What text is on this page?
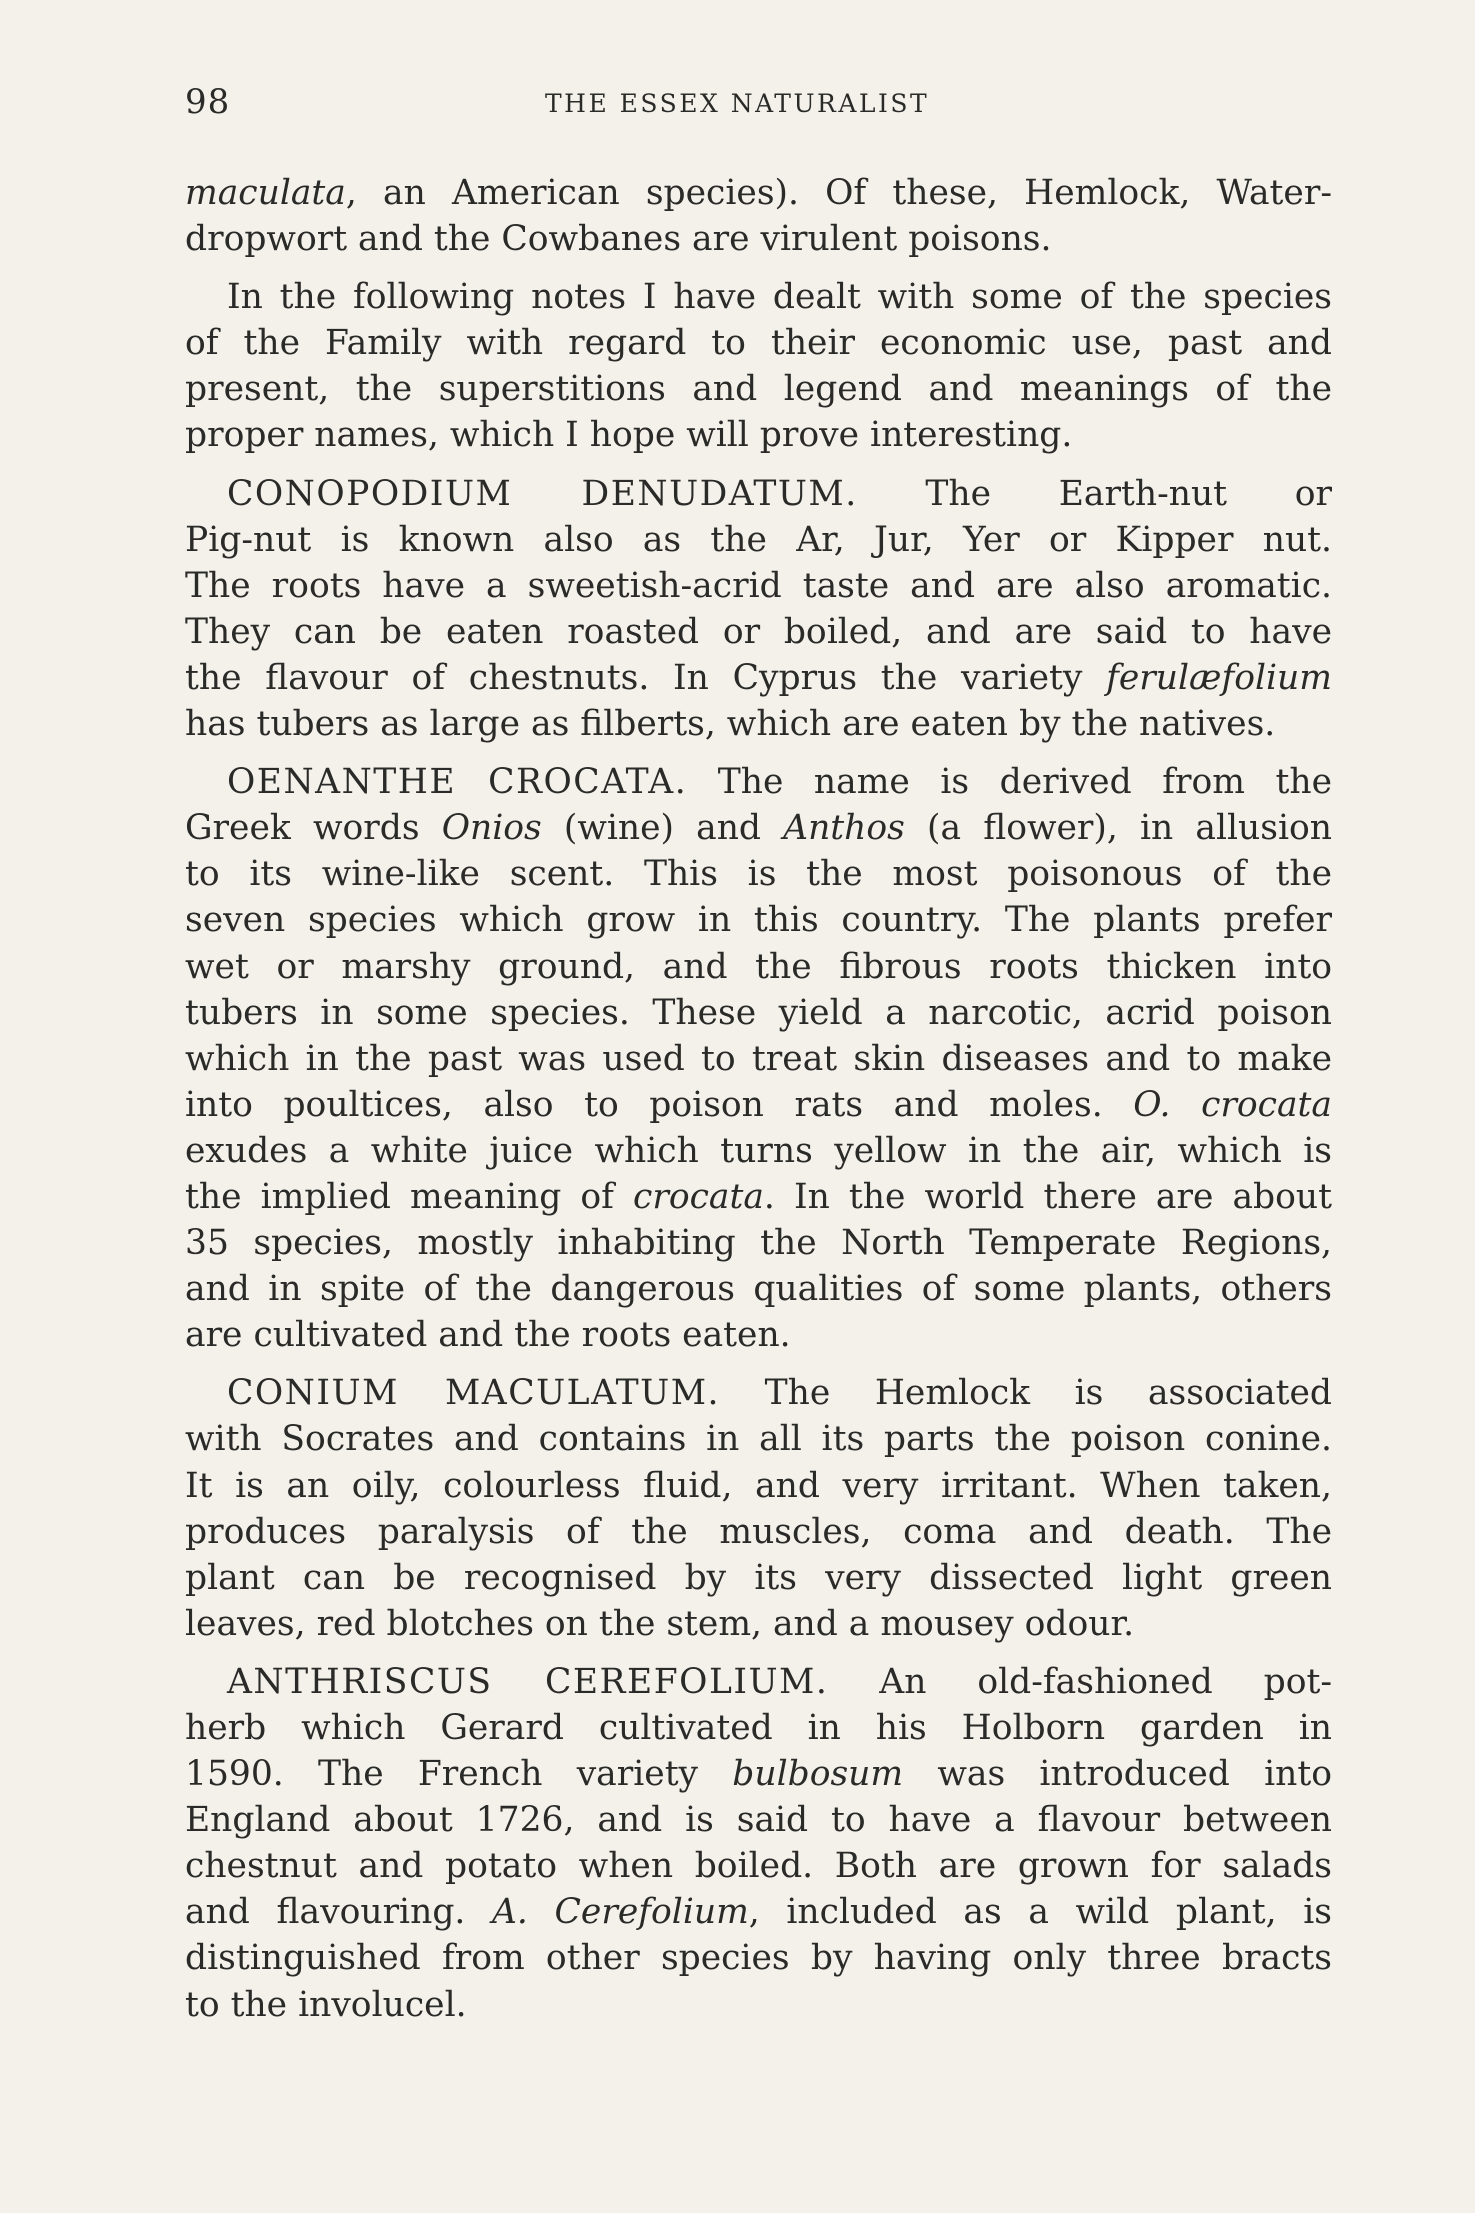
98	THE ESSEX NATURALIST
maculata, an American species). Of these, Hemlock, Water-
dropwort and the Cowbanes are virulent poisons.
In the following notes I have dealt with some of the species
of the Family with regard to their economic use, past and
present, the superstitions and legend and meanings of the
proper names, which I hope will prove interesting.
CONOPODIUM DENUDATUM. The Earth-nut or
Pig-nut is known also as the Ar, Jur, Yer or Kipper nut.
The roots have a sweetish-acrid taste and are also aromatic.
They can be eaten roasted or boiled, and are said to have
the flavour of chestnuts. In Cyprus the variety ferulæfolium
has tubers as large as filberts, which are eaten by the natives.
OENANTHE CROCATA. The name is derived from the
Greek words Onios (wine) and Anthos (a flower), in allusion
to its wine-like scent. This is the most poisonous of the
seven species which grow in this country. The plants prefer
wet or marshy ground, and the fibrous roots thicken into
tubers in some species. These yield a narcotic, acrid poison
which in the past was used to treat skin diseases and to make
into poultices, also to poison rats and moles. O. crocata
exudes a white juice which turns yellow in the air, which is
the implied meaning of crocata. In the world there are about
35 species, mostly inhabiting the North Temperate Regions,
and in spite of the dangerous qualities of some plants, others
are cultivated and the roots eaten.
CONIUM MACULATUM. The Hemlock is associated
with Socrates and contains in all its parts the poison conine.
It is an oily, colourless fluid, and very irritant. When taken,
produces paralysis of the muscles, coma and death. The
plant can be recognised by its very dissected light green
leaves, red blotches on the stem, and a mousey odour.
ANTHRISCUS CEREFOLIUM. An old-fashioned pot-
herb which Gerard cultivated in his Holborn garden in
1590. The French variety bulbosum was introduced into
England about 1726, and is said to have a flavour between
chestnut and potato when boiled. Both are grown for salads
and flavouring. A. Cerefolium, included as a wild plant, is
distinguished from other species by having only three bracts
to the involucel.
